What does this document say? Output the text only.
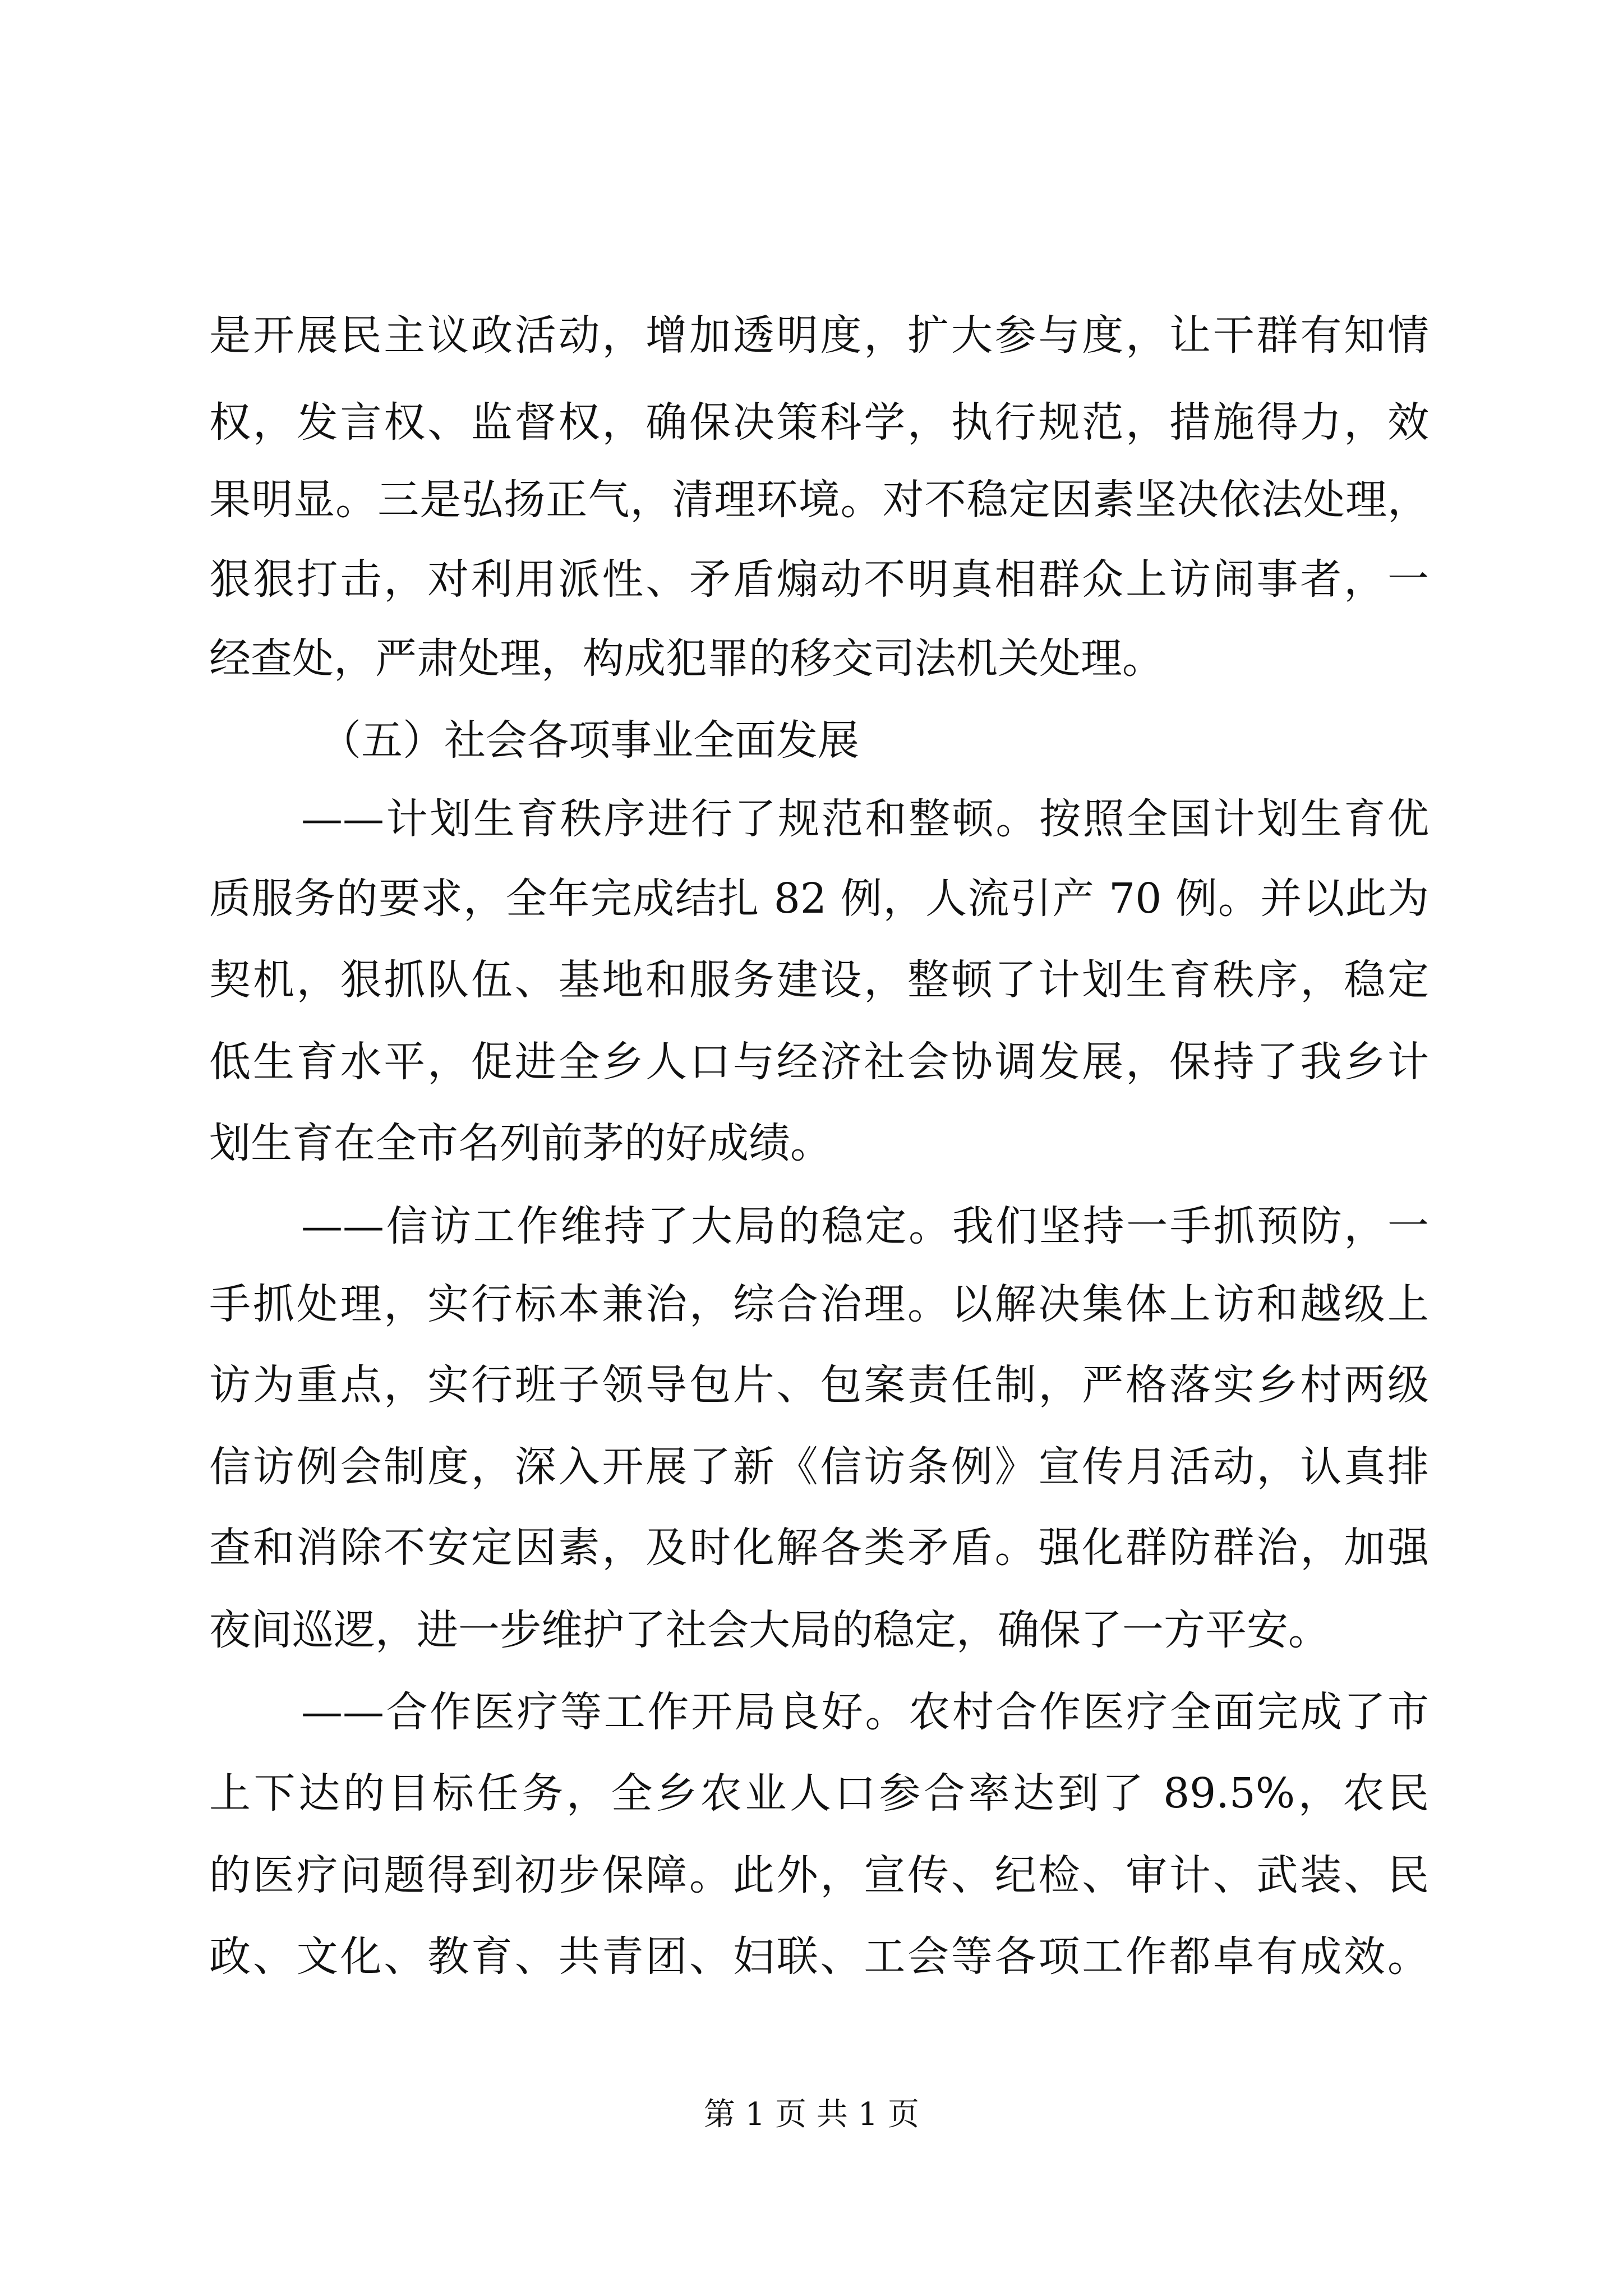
是开展民主议政活动，增加透明度，扩大参与度，让干群有知情
权，发言权、监督权，确保决策科学，执行规范，措施得力，效
果明显。三是弘扬正气，清理环境。对不稳定因素坚决依法处理，
狠狠打击，对利用派性、矛盾煽动不明真相群众上访闹事者，一
经查处，严肃处理，构成犯罪的移交司法机关处理。
（五）社会各项事业全面发展
——计划生育秩序进行了规范和整顿。按照全国计划生育优
质服务的要求，全年完成结扎 82 例，人流引产 70 例。并以此为
契机，狠抓队伍、基地和服务建设，整顿了计划生育秩序，稳定
低生育水平，促进全乡人口与经济社会协调发展，保持了我乡计
划生育在全市名列前茅的好成绩。
——信访工作维持了大局的稳定。我们坚持一手抓预防，一
手抓处理，实行标本兼治，综合治理。以解决集体上访和越级上
访为重点，实行班子领导包片、包案责任制，严格落实乡村两级
信访例会制度，深入开展了新《信访条例》宣传月活动，认真排
查和消除不安定因素，及时化解各类矛盾。强化群防群治，加强
夜间巡逻，进一步维护了社会大局的稳定，确保了一方平安。
——合作医疗等工作开局良好。农村合作医疗全面完成了市
上下达的目标任务，全乡农业人口参合率达到了 89.5%，农民
的医疗问题得到初步保障。此外，宣传、纪检、审计、武装、民
政、文化、教育、共青团、妇联、工会等各项工作都卓有成效。
第 1 页 共 1 页
